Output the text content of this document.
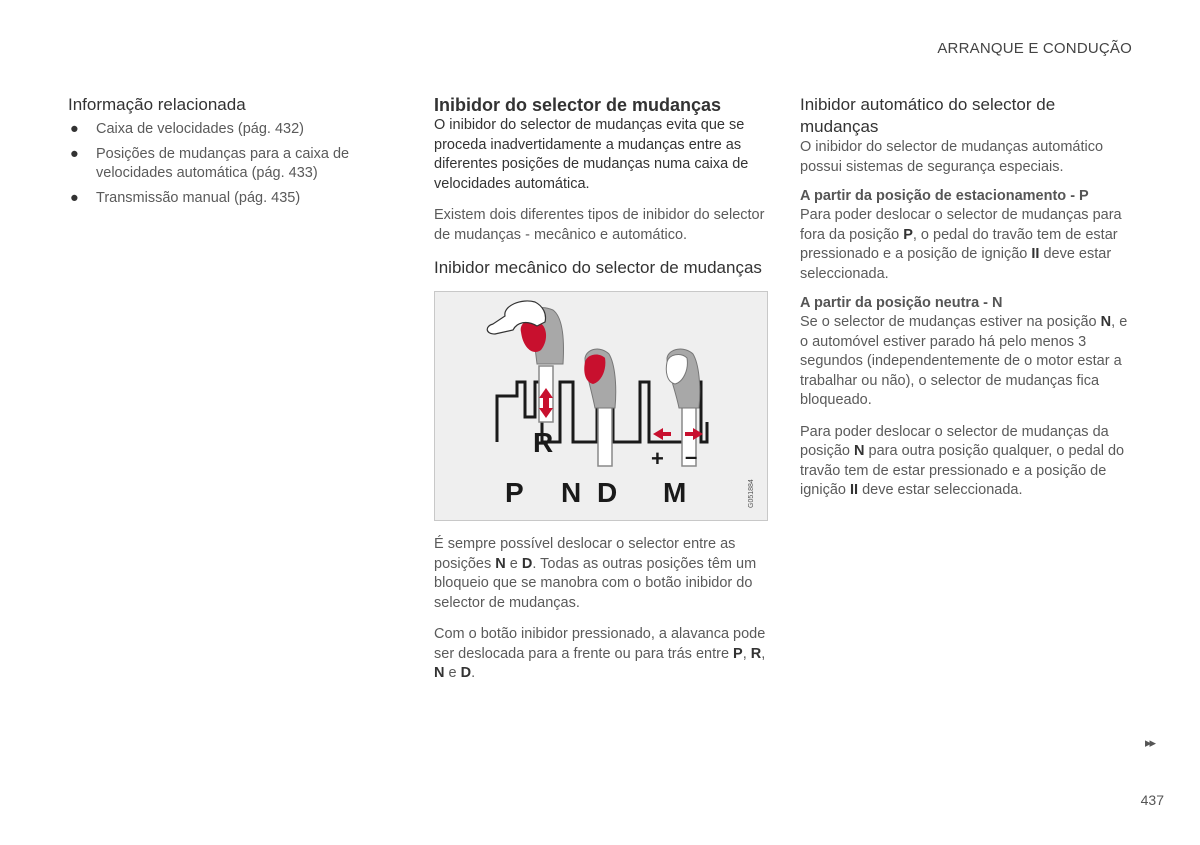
ARRANQUE E CONDUÇÃO
Informação relacionada
● Caixa de velocidades (pág. 432)
● Posições de mudanças para a caixa de velocidades automática (pág. 433)
● Transmissão manual (pág. 435)
Inibidor do selector de mudanças

O inibidor do selector de mudanças evita que se proceda inadvertidamente a mudanças entre as diferentes posições de mudanças numa caixa de velocidades automática.

Existem dois diferentes tipos de inibidor do selector de mudanças - mecânico e automático.

Inibidor mecânico do selector de mudanças
R
P N D M
+ –
G051884

É sempre possível deslocar o selector entre as posições N e D. Todas as outras posições têm um bloqueio que se manobra com o botão inibidor do selector de mudanças.

Com o botão inibidor pressionado, a alavanca pode ser deslocada para a frente ou para trás entre P, R, N e D.

Inibidor automático do selector de mudanças

O inibidor do selector de mudanças automático possui sistemas de segurança especiais.

A partir da posição de estacionamento - P

Para poder deslocar o selector de mudanças para fora da posição P, o pedal do travão tem de estar pressionado e a posição de ignição II deve estar seleccionada.

A partir da posição neutra - N

Se o selector de mudanças estiver na posição N, e o automóvel estiver parado há pelo menos 3 segundos (independentemente de o motor estar a trabalhar ou não), o selector de mudanças fica bloqueado.

Para poder deslocar o selector de mudanças da posição N para outra posição qualquer, o pedal do travão tem de estar pressionado e a posição de ignição II deve estar seleccionada.

▸▸
437
